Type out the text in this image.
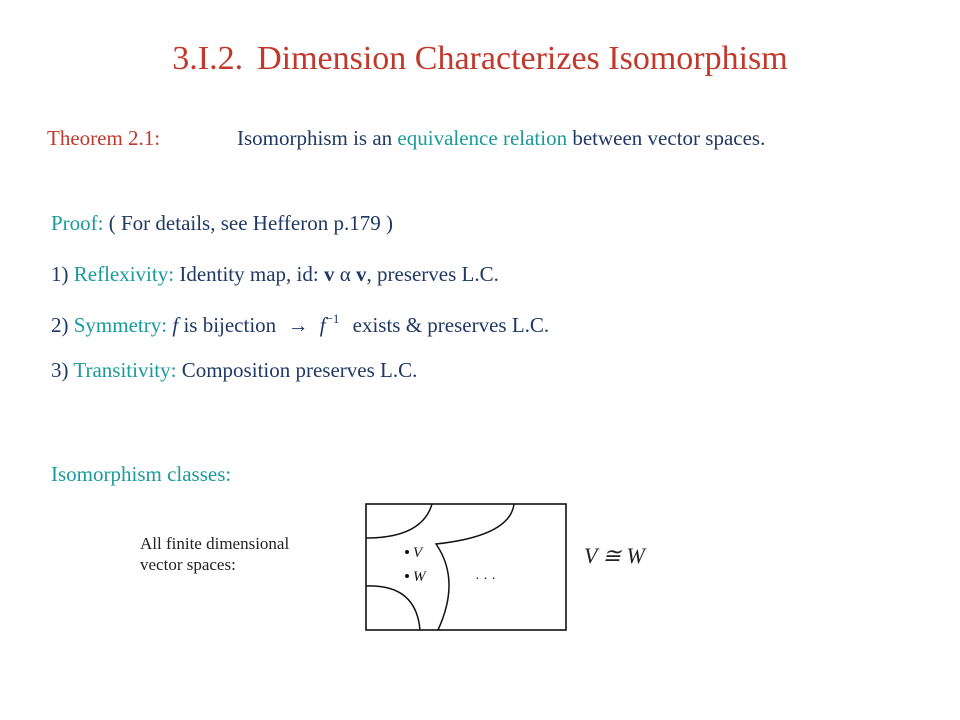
3.I.2. Dimension Characterizes Isomorphism
Theorem 2.1:	Isomorphism is an equivalence relation between vector spaces.
Proof: ( For details, see Hefferon p.179 )
1) Reflexivity: Identity map, id: v α v, preserves L.C.
2) Symmetry: f is bijection → $f^{-1}$ exists & preserves L.C.
3) Transitivity: Composition preserves L.C.
Isomorphism classes:
All finite dimensional
vector spaces:
V
W	· · ·
V ≅ W
